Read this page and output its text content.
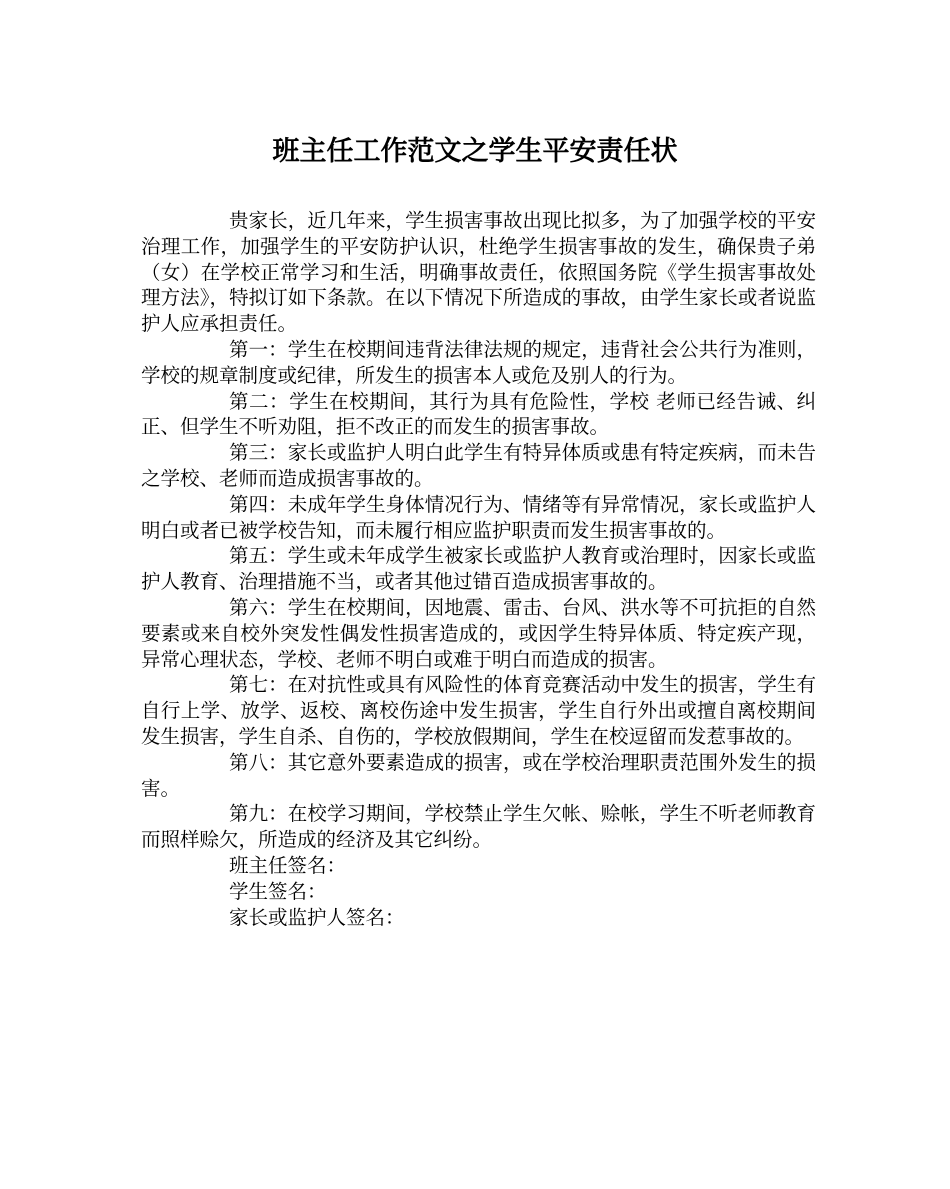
班主任工作范文之学生平安责任状

贵家长，近几年来，学生损害事故出现比拟多，为了加强学校的平安治理工作，加强学生的平安防护认识，杜绝学生损害事故的发生，确保贵子弟（女）在学校正常学习和生活，明确事故责任，依照国务院《学生损害事故处理方法》，特拟订如下条款。在以下情况下所造成的事故，由学生家长或者说监护人应承担责任。

第一：学生在校期间违背法律法规的规定，违背社会公共行为准则，学校的规章制度或纪律，所发生的损害本人或危及别人的行为。

第二：学生在校期间，其行为具有危险性，学校 老师已经告诫、纠正、但学生不听劝阻，拒不改正的而发生的损害事故。

第三：家长或监护人明白此学生有特异体质或患有特定疾病，而未告之学校、老师而造成损害事故的。

第四：未成年学生身体情况行为、情绪等有异常情况，家长或监护人明白或者已被学校告知，而未履行相应监护职责而发生损害事故的。

第五：学生或未年成学生被家长或监护人教育或治理时，因家长或监护人教育、治理措施不当，或者其他过错百造成损害事故的。

第六：学生在校期间，因地震、雷击、台风、洪水等不可抗拒的自然要素或来自校外突发性偶发性损害造成的，或因学生特异体质、特定疾产现，异常心理状态，学校、老师不明白或难于明白而造成的损害。

第七：在对抗性或具有风险性的体育竞赛活动中发生的损害，学生有自行上学、放学、返校、离校伤途中发生损害，学生自行外出或擅自离校期间发生损害，学生自杀、自伤的，学校放假期间，学生在校逗留而发惹事故的。

第八：其它意外要素造成的损害，或在学校治理职责范围外发生的损害。

第九：在校学习期间，学校禁止学生欠帐、赊帐，学生不听老师教育而照样赊欠，所造成的经济及其它纠纷。

班主任签名：

学生签名：

家长或监护人签名：
